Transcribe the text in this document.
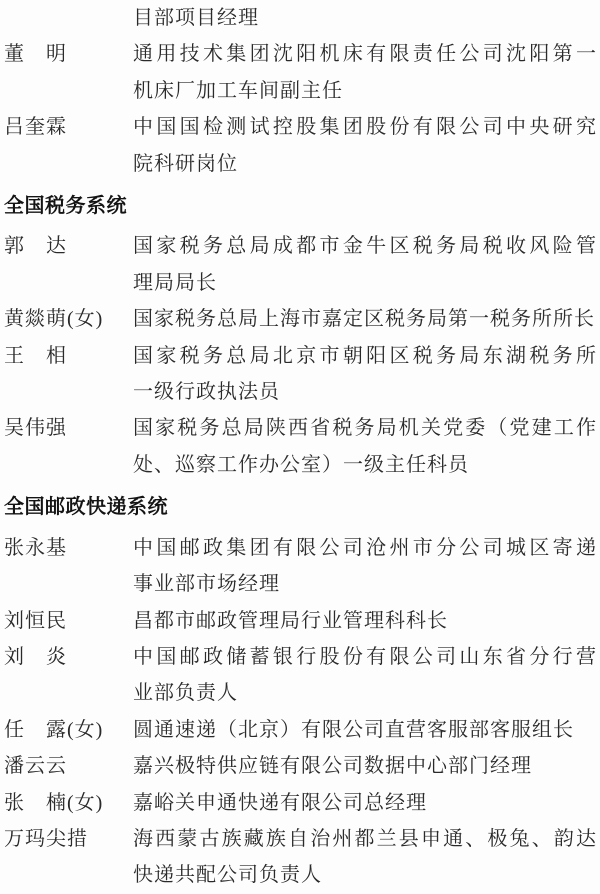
目部项目经理
董　明	通用技术集团沈阳机床有限责任公司沈阳第一
机床厂加工车间副主任
吕奎霖	中国国检测试控股集团股份有限公司中央研究
院科研岗位
全国税务系统
郭　达	国家税务总局成都市金牛区税务局税收风险管
理局局长
黄燚萌(女)	国家税务总局上海市嘉定区税务局第一税务所所长
王　相	国家税务总局北京市朝阳区税务局东湖税务所
一级行政执法员
吴伟强	国家税务总局陕西省税务局机关党委（党建工作
处、巡察工作办公室）一级主任科员
全国邮政快递系统
张永基	中国邮政集团有限公司沧州市分公司城区寄递
事业部市场经理
刘恒民	昌都市邮政管理局行业管理科科长
刘　炎	中国邮政储蓄银行股份有限公司山东省分行营
业部负责人
任　露(女)	圆通速递（北京）有限公司直营客服部客服组长
潘云云	嘉兴极特供应链有限公司数据中心部门经理
张　楠(女)	嘉峪关申通快递有限公司总经理
万玛尖措	海西蒙古族藏族自治州都兰县申通、极兔、韵达
快递共配公司负责人
